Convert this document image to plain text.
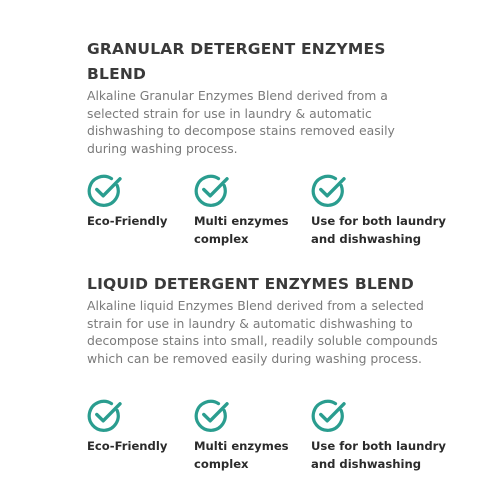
GRANULAR DETERGENT ENZYMES BLEND

Alkaline Granular Enzymes Blend derived from a selected strain for use in laundry & automatic dishwashing to decompose stains removed easily during washing process.

Eco-Friendly	Multi enzymes
complex
Use for both laundry
and dishwashing
LIQUID DETERGENT ENZYMES BLEND

Alkaline liquid Enzymes Blend derived from a selected strain for use in laundry & automatic dishwashing to decompose stains into small, readily soluble compounds which can be removed easily during washing process.

Eco-Friendly	Multi enzymes
complex
Use for both laundry
and dishwashing
